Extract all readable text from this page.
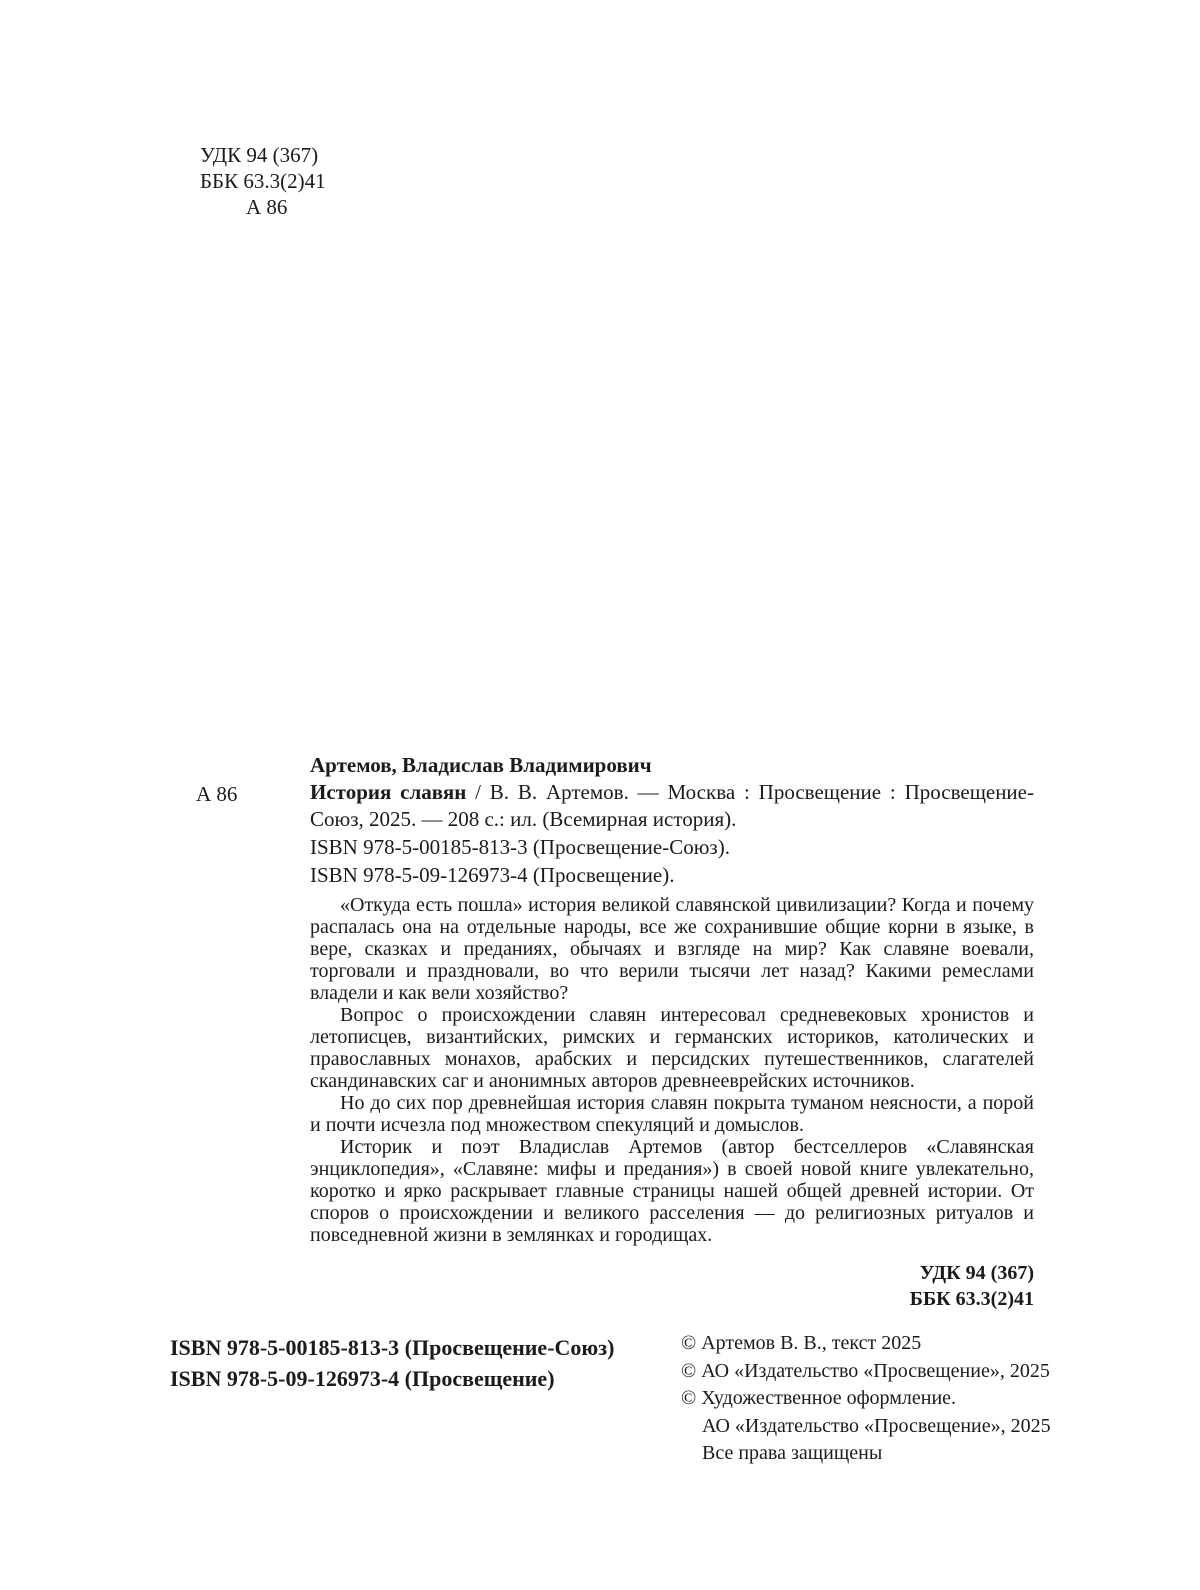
УДК 94 (367)
ББК 63.3(2)41
А 86
А 86

Артемов, Владислав Владимирович

История славян / В. В. Артемов. — Москва : Просвещение : Просвещение-Союз, 2025. — 208 с.: ил. (Всемирная история).

ISBN 978-5-00185-813-3 (Просвещение-Союз).

ISBN 978-5-09-126973-4 (Просвещение).

«Откуда есть пошла» история великой славянской цивилизации? Когда и почему распалась она на отдельные народы, все же сохранившие общие корни в языке, в вере, сказках и преданиях, обычаях и взгляде на мир? Как славяне воевали, торговали и праздновали, во что верили тысячи лет назад? Какими ремеслами владели и как вели хозяйство?

Вопрос о происхождении славян интересовал средневековых хронистов и летописцев, византийских, римских и германских историков, католических и православных монахов, арабских и персидских путешественников, слагателей скандинавских саг и анонимных авторов древнееврейских источников.

Но до сих пор древнейшая история славян покрыта туманом неясности, а порой и почти исчезла под множеством спекуляций и домыслов.

Историк и поэт Владислав Артемов (автор бестселлеров «Славянская энциклопедия», «Славяне: мифы и предания») в своей новой книге увлекательно, коротко и ярко раскрывает главные страницы нашей общей древней истории. От споров о происхождении и великого расселения — до религиозных ритуалов и повседневной жизни в землянках и городищах.

УДК 94 (367)
ББК 63.3(2)41
ISBN 978-5-00185-813-3 (Просвещение-Союз)
ISBN 978-5-09-126973-4 (Просвещение)
© Артемов В. В., текст 2025
© АО «Издательство «Просвещение», 2025
© Художественное оформление.
АО «Издательство «Просвещение», 2025
Все права защищены
